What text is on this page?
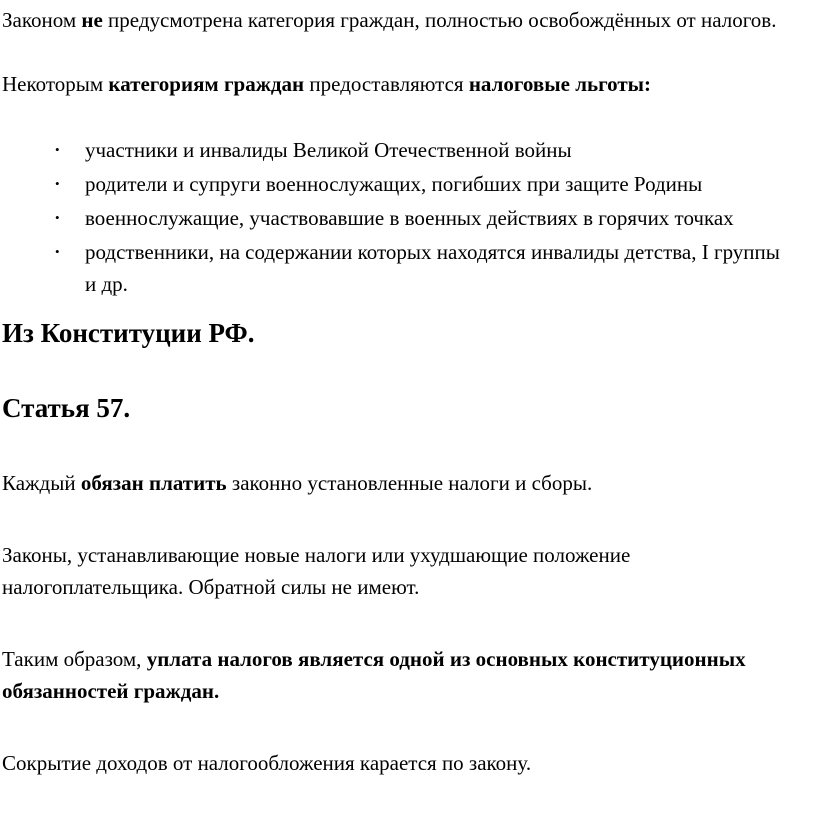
Законом не предусмотрена категория граждан, полностью освобождённых от налогов.

Некоторым категориям граждан предоставляются налоговые льготы:

• участники и инвалиды Великой Отечественной войны
• родители и супруги военнослужащих, погибших при защите Родины
• военнослужащие, участвовавшие в военных действиях в горячих точках
• родственники, на содержании которых находятся инвалиды детства, I группы и др.
Из Конституции РФ.
Статья 57.

Каждый обязан платить законно установленные налоги и сборы.

Законы, устанавливающие новые налоги или ухудшающие положение налогоплательщика. Обратной силы не имеют.

Таким образом, уплата налогов является одной из основных конституционных обязанностей граждан.

Сокрытие доходов от налогообложения карается по закону.
